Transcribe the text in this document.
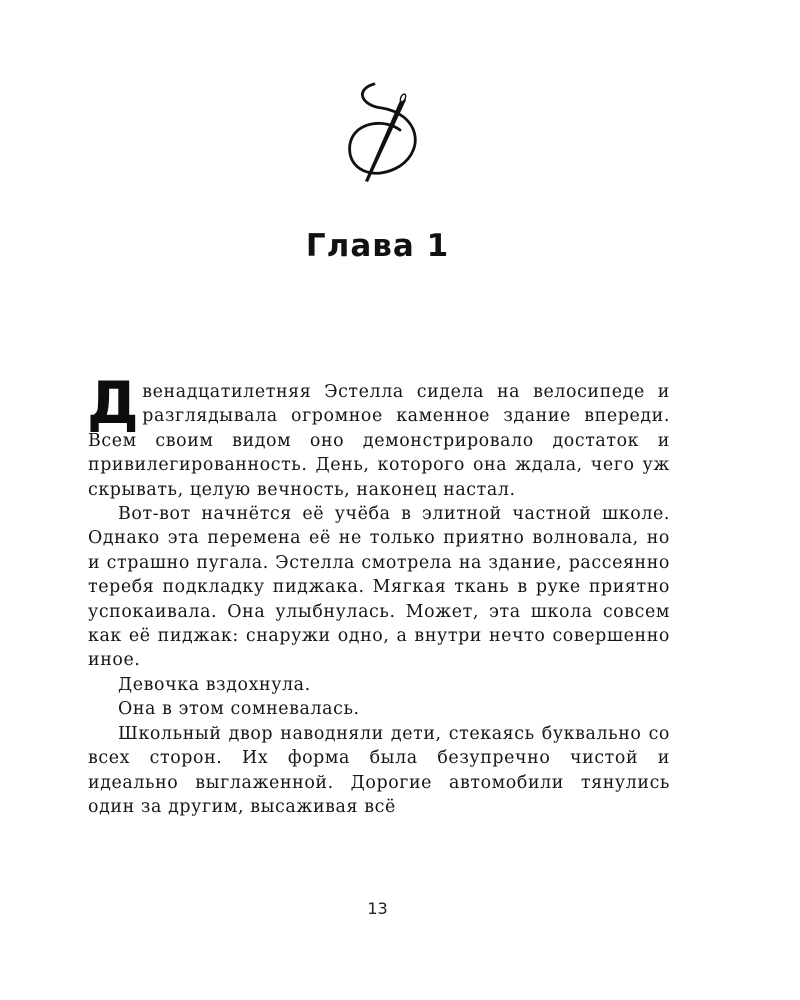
Глава 1

Д венадцатилетняя Эстелла сидела на велосипеде и разглядывала огромное каменное здание впереди. Всем своим видом оно демонстрировало достаток и привилегированность. День, которого она ждала, чего уж скрывать, целую вечность, наконец настал.

Вот-вот начнётся её учёба в элитной частной школе. Однако эта перемена её не только приятно волновала, но и страшно пугала. Эстелла смотрела на здание, рассеянно теребя подкладку пиджака. Мягкая ткань в руке приятно успокаивала. Она улыбнулась. Может, эта школа совсем как её пиджак: снаружи одно, а внутри нечто совершенно иное.

Девочка вздохнула.

Она в этом сомневалась.

Школьный двор наводняли дети, стекаясь буквально со всех сторон. Их форма была безупречно чистой и идеально выглаженной. Дорогие автомобили тянулись один за другим, высаживая всё

13
